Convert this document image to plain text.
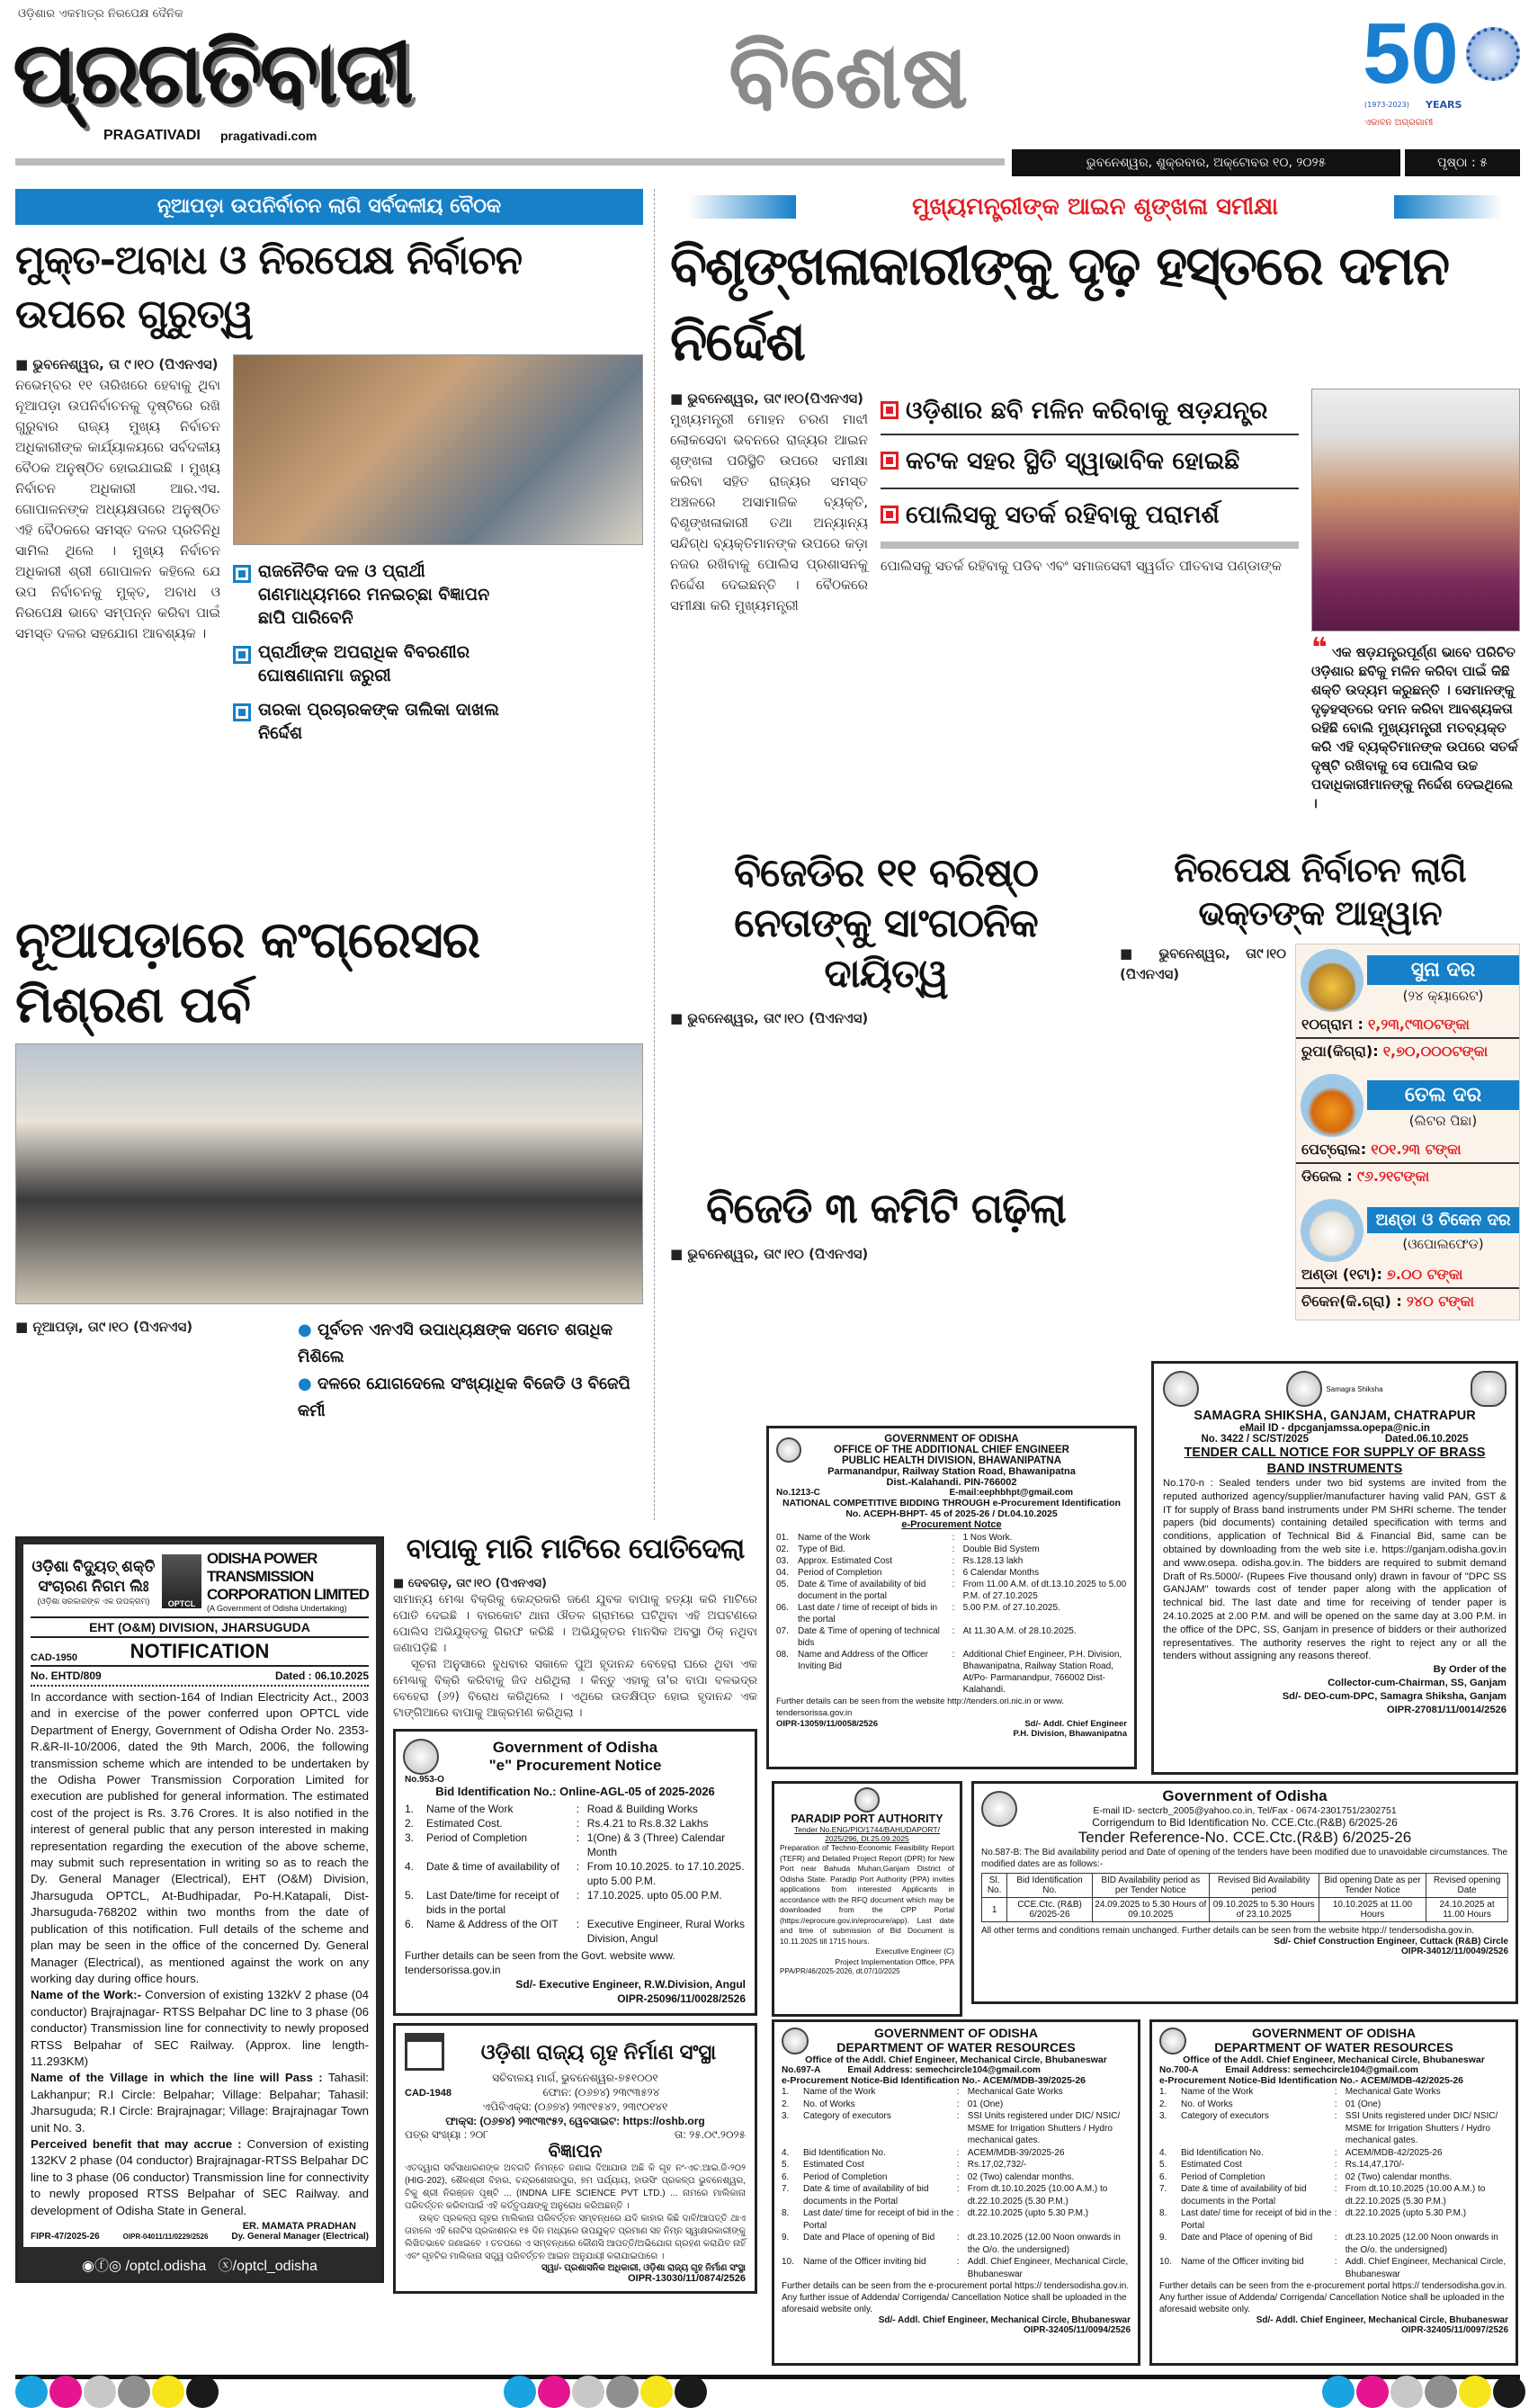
ଓଡ଼ିଶାର ଏକମାତ୍ର ନିରପେକ୍ଷ ଦୈନିକ
ପ୍ରଗତିବାଦୀ
PRAGATIVADI pragativadi.com
ବିଶେଷ	50
(1973-2023) YEARS
ଏକାବନ ଅଗ୍ରଗାମୀ
ଭୁବନେଶ୍ୱର, ଶୁକ୍ରବାର, ଅକ୍ଟୋବର ୧୦, ୨୦୨୫	ପୃଷ୍ଠା : ୫
ନୂଆପଡ଼ା ଉପନିର୍ବାଚନ ଲାଗି ସର୍ବଦଳୀୟ ବୈଠକ
ମୁକ୍ତ-ଅବାଧ ଓ ନିରପେକ୍ଷ ନିର୍ବାଚନ ଉପରେ ଗୁରୁତ୍ୱ
■ ଭୁବନେଶ୍ୱର, ତା ୯।୧୦ (ପିଏନଏସ)

ନଭେମ୍ବର ୧୧ ତାରିଖରେ ହେବାକୁ ଥିବା ନୂଆପଡ଼ା ଉପନିର୍ବାଚନକୁ ଦୃଷ୍ଟିରେ ରଖି ଗୁରୁବାର ରାଜ୍ୟ ମୁଖ୍ୟ ନିର୍ବାଚନ ଅଧିକାରୀଙ୍କ କାର୍ଯ୍ୟାଳୟରେ ସର୍ବଦଳୀୟ ବୈଠକ ଅନୁଷ୍ଠିତ ହୋଇଯାଇଛି । ମୁଖ୍ୟ ନିର୍ବାଚନ ଅଧିକାରୀ ଆର.ଏସ. ଗୋପାଳନଙ୍କ ଅଧ୍ୟକ୍ଷତାରେ ଅନୁଷ୍ଠିତ ଏହି ବୈଠକରେ ସମସ୍ତ ଦଳର ପ୍ରତିନିଧି ସାମିଲ ଥିଲେ । ମୁଖ୍ୟ ନିର୍ବାଚନ ଅଧିକାରୀ ଶ୍ରୀ ଗୋପାଳନ କହିଲେ ଯେ ଉପ ନିର୍ବାଚନକୁ ମୁକ୍ତ, ଅବାଧ ଓ ନିରପେକ୍ଷ ଭାବେ ସମ୍ପନ୍ନ କରିବା ପାଇଁ ସମସ୍ତ ଦଳର ସହଯୋଗ ଆବଶ୍ୟକ ।

ରାଜନୈତିକ ଦଳ ଓ ପ୍ରାର୍ଥୀ ଗଣମାଧ୍ୟମରେ ମନଇଚ୍ଛା ବିଜ୍ଞାପନ ଛାପି ପାରିବେନି
ପ୍ରାର୍ଥୀଙ୍କ ଅପରାଧିକ ବିବରଣୀର ଘୋଷଣାନାମା ଜରୁରୀ
ତାରକା ପ୍ରଚାରକଙ୍କ ତାଲିକା ଦାଖଲ ନିର୍ଦ୍ଦେଶ
ନୂଆପଡ଼ାରେ କଂଗ୍ରେସର ମିଶ୍ରଣ ପର୍ବ
■ ନୂଆପଡ଼ା, ତା୯।୧୦ (ପିଏନଏସ)	● ପୂର୍ବତନ ଏନଏସି ଉପାଧ୍ୟକ୍ଷଙ୍କ ସମେତ ଶତାଧିକ ମିଶିଲେ
● ଦଳରେ ଯୋଗଦେଲେ ସଂଖ୍ୟାଧିକ ବିଜେଡି ଓ ବିଜେପି କର୍ମୀ
ମୁଖ୍ୟମନ୍ତ୍ରୀଙ୍କ ଆଇନ ଶୃଙ୍ଖଳା ସମୀକ୍ଷା
ବିଶୃଙ୍ଖଳାକାରୀଙ୍କୁ ଦୃଢ଼ ହସ୍ତରେ ଦମନ ନିର୍ଦ୍ଦେଶ
■ ଭୁବନେଶ୍ୱର, ତା୯।୧୦(ପିଏନଏସ)

ମୁଖ୍ୟମନ୍ତ୍ରୀ ମୋହନ ଚରଣ ମାଝୀ ଲୋକସେବା ଭବନରେ ରାଜ୍ୟର ଆଇନ ଶୃଙ୍ଖଳା ପରିସ୍ଥିତି ଉପରେ ସମୀକ୍ଷା କରିବା ସହିତ ରାଜ୍ୟର ସମସ୍ତ ଅଞ୍ଚଳରେ ଅସାମାଜିକ ବ୍ୟକ୍ତି, ବିଶୃଙ୍ଖଳାକାରୀ ତଥା ଅନ୍ୟାନ୍ୟ ସନ୍ଦିଗ୍ଧ ବ୍ୟକ୍ତିମାନଙ୍କ ଉପରେ କଡ଼ା ନଜର ରଖିବାକୁ ପୋଲିସ ପ୍ରଶାସନକୁ ନିର୍ଦ୍ଦେଶ ଦେଇଛନ୍ତି । ବୈଠକରେ ସମୀକ୍ଷା କରି ମୁଖ୍ୟମନ୍ତ୍ରୀ

ଓଡ଼ିଶାର ଛବି ମଳିନ କରିବାକୁ ଷଡ଼ଯନ୍ତ୍ର
କଟକ ସହର ସ୍ଥିତି ସ୍ୱାଭାବିକ ହୋଇଛି
ପୋଲିସକୁ ସତର୍କ ରହିବାକୁ ପରାମର୍ଶ

ପୋଲିସକୁ ସତର୍କ ରହିବାକୁ ପଡିବ ଏବଂ ସମାଜସେବୀ ସ୍ୱର୍ଗତ ପୀତବାସ ପଣ୍ଡାଙ୍କ

❝ ଏକ ଷଡ଼ଯନ୍ତ୍ରପୂର୍ଣ୍ଣ ଭାବେ ପରିଚିତ ଓଡ଼ିଶାର ଛବିକୁ ମଳିନ କରିବା ପାଇଁ କିଛି ଶକ୍ତି ଉଦ୍ୟମ କରୁଛନ୍ତି । ସେମାନଙ୍କୁ ଦୃଢ଼ହସ୍ତରେ ଦମନ କରିବା ଆବଶ୍ୟକତା ରହିଛି ବୋଲି ମୁଖ୍ୟମନ୍ତ୍ରୀ ମତବ୍ୟକ୍ତ କରି ଏହି ବ୍ୟକ୍ତିମାନଙ୍କ ଉପରେ ସତର୍କ ଦୃଷ୍ଟି ରଖିବାକୁ ସେ ପୋଲିସ ଉଚ୍ଚ ପଦାଧିକାରୀମାନଙ୍କୁ ନିର୍ଦ୍ଦେଶ ଦେଇଥିଲେ ।
ବିଜେଡିର ୧୧ ବରିଷ୍ଠ ନେତାଙ୍କୁ ସାଂଗଠନିକ ଦାୟିତ୍ୱ
■ ଭୁବନେଶ୍ୱର, ତା୯।୧୦ (ପିଏନଏସ)
ବିଜେଡି ୩ କମିଟି ଗଢ଼ିଲା
■ ଭୁବନେଶ୍ୱର, ତା୯।୧୦ (ପିଏନଏସ)
ନିରପେକ୍ଷ ନିର୍ବାଚନ ଲାଗି ଭକ୍ତଙ୍କ ଆହ୍ୱାନ
■ ଭୁବନେଶ୍ୱର, ତା୯।୧୦ (ପିଏନଏସ)	ସୁନା ଦର
(୨୪ କ୍ୟାରେଟ)
୧୦ଗ୍ରାମ : ୧,୨୩,୯୩୦ଟଙ୍କା
ରୁପା(କିଗ୍ରା): ୧,୭୦,୦୦୦ଟଙ୍କା
ତେଲ ଦର
(ଲିଟର ପିଛା)
ପେଟ୍ରୋଲ: ୧୦୧.୨୩ ଟଙ୍କା
ଡିଜେଲ : ୯୬.୨୧ଟଙ୍କା
ଅଣ୍ଡା ଓ ଚିକେନ ଦର
(ଓପୋଲଫେଡ)
ଅଣ୍ଡା (୧ଟା): ୭.୦୦ ଟଙ୍କା
ଚିକେନ(କି.ଗ୍ରା) : ୨୪୦ ଟଙ୍କା
ବାପାକୁ ମାରି ମାଟିରେ ପୋତିଦେଲା
■ ଦେବଗଡ଼, ତା୯।୧୦ (ପିଏନଏସ)

ସାମାନ୍ୟ ମେଣ୍ଢା ବିକ୍ରିକୁ କେନ୍ଦ୍ରକରି ଜଣେ ଯୁବକ ବାପାକୁ ହତ୍ୟା କରି ମାଟିରେ ପୋତି ଦେଇଛି । ବାରକୋଟ ଥାନା ଔତଳ ଗ୍ରାମରେ ଘଟିଥିବା ଏହି ଅଘଟଣରେ ପୋଲିସ ଅଭିଯୁକ୍ତକୁ ଗିରଫ କରିଛି । ଅଭିଯୁକ୍ତର ମାନସିକ ଅବସ୍ଥା ଠିକ୍ ନଥିବା ଜଣାପଡ଼ିଛି ।

ସୂଚନା ଅନୁସାରେ ବୁଧବାର ସକାଳେ ପୁଅ ହୃଦାନନ୍ଦ ବେହେରା ଘରେ ଥିବା ଏକ ମେଣ୍ଢାକୁ ବିକ୍ରି କରିବାକୁ ଜିଦ ଧରିଥିଲା । କିନ୍ତୁ ଏହାକୁ ତା'ର ବାପା ବଳଭଦ୍ର ବେହେରା (୬୨) ବିରୋଧ କରିଥିଲେ । ଏଥିରେ ଉତକ୍ଷିପ୍ତ ହୋଇ ହୃଦାନନ୍ଦ ଏକ ଟାଙ୍ଗିଆରେ ବାପାକୁ ଆକ୍ରମଣ କରିଥିଲା ।

Government of Odisha
"e" Procurement Notice
No.953-O
Bid Identification No.: Online-AGL-05 of 2025-2026
1.	Name of the Work	: Road & Building Works
2.	Estimated Cost.	: Rs.4.21 to Rs.8.32 Lakhs
3.	Period of Completion	: 1(One) & 3 (Three) Calendar Month
4.	Date & time of availability of	: From 10.10.2025. to 17.10.2025. upto 5.00 P.M.
5.	Last Date/time for receipt of bids in the portal
: 17.10.2025. upto 05.00 P.M.
6.	Name & Address of the OIT	: Executive Engineer, Rural Works Division, Angul
Further details can be seen from the Govt. website www. tendersorissa.gov.in
Sd/- Executive Engineer, R.W.Division, Angul
OIPR-25096/11/0028/2526
ଓଡ଼ିଶା ରାଜ୍ୟ ଗୃହ ନିର୍ମାଣ ସଂସ୍ଥା
ସଚିବାଳୟ ମାର୍ଗ, ଭୁବନେଶ୍ୱର-୭୫୧୦୦୧
CAD-1948	ଫୋନ: (୦୬୭୪) ୨୩୯୩୫୨୪
ଏପିବିଏକ୍ସ: (୦୬୭୪) ୨୩୯୧୫୪୨, ୨୩୯୦୧୪୧
ଫାକ୍ସ: (୦୬୭୪) ୨୩୯୩୯୫୨, ୱେବସାଇଟ: https://oshb.org
ପତ୍ର ସଂଖ୍ୟା : ୨୦୮	ତା: ୨୫.୦୯.୨୦୨୫
ବିଜ୍ଞାପନ

ଏତଦ୍ୱାରା ସର୍ବସାଧାରଣଙ୍କ ଅବଗତି ନିମନ୍ତେ ଜଣାଇ ଦିଆଯାଉ ଅଛି କି ଗୃହ ନଂ-ଏଚ.ଆଇ.ଜି-୨୦୨ (HIG-202), ଶୈଳଶ୍ରୀ ବିହାର, ଚନ୍ଦ୍ରଶେଖରପୁର, ୭ମ ପର୍ଯ୍ୟାୟ, ହାଉସିଂ ପ୍ରକଳ୍ପ ଭୁବନେଶ୍ୱର, ଟିକୁ ଶ୍ରୀ ନିରଞ୍ଜନ ପୃଷ୍ଟି ... (INDNA LIFE SCIENCE PVT LTD.) ... ନାମରେ ମାଲିକାନା ପରିବର୍ତ୍ତନ କରିବାପାଇଁ ଏହି କର୍ତ୍ତୃପକ୍ଷଙ୍କୁ ଅନୁରୋଧ କରିଅଛନ୍ତି ।

ଉକ୍ତ ପ୍ରକଳ୍ପ ଗୃହର ମାଲିକାନା ପରିବର୍ତ୍ତନ ସମ୍ବନ୍ଧରେ ଯଦି କାହାର କିଛି ଦାବି/ଆପତ୍ତି ଥାଏ ତାହାଲେ ଏହି ନୋଟିସ ପ୍ରକାଶନର ୧୫ ଦିନ ମଧ୍ୟରେ ଉପଯୁକ୍ତ ପ୍ରମାଣ ସହ ନିମ୍ନ ସ୍ୱାକ୍ଷରକାରୀଙ୍କୁ ଲିଖିତଭାବେ ଜଣାଇବେ । ତତପରେ ଏ ସମ୍ବନ୍ଧରେ କୌଣସି ଆପତ୍ତି/ଅଭିଯୋଗ ଗ୍ରହଣ କରାଯିବ ନାହିଁ ଏବଂ ଗୃହଟିର ମାଲିକାନା ସତ୍ତ୍ୱ ପରିବର୍ତ୍ତନ ଆଇନ ଅନୁଯାୟୀ କରାଯାଇପାରେ ।

ସ୍ୱା/- ପ୍ରଶାସନିକ ଅଧିକାରୀ, ଓଡ଼ିଶା ରାଜ୍ୟ ଗୃହ ନିର୍ମାଣ ସଂସ୍ଥା
OIPR-13030/11/0874/2526
ଓଡ଼ିଶା ବିଦ୍ୟୁତ୍ ଶକ୍ତି ସଂଚାରଣ ନିଗମ ଲିଃ
(ଓଡ଼ିଶା ସରକାରଙ୍କ ଏକ ଉପକ୍ରମ)	OPTCL
ODISHA POWER TRANSMISSION CORPORATION LIMITED
(A Government of Odisha Undertaking)
EHT (O&M) DIVISION, JHARSUGUDA
CAD-1950	NOTIFICATION
No. EHTD/809	Dated : 06.10.2025

In accordance with section-164 of Indian Electricity Act., 2003 and in exercise of the power conferred upon OPTCL vide Department of Energy, Government of Odisha Order No. 2353-R.&R-II-10/2006, dated the 9th March, 2006, the following transmission scheme which are intended to be undertaken by the Odisha Power Transmission Corporation Limited for execution are published for general information. The estimated cost of the project is Rs. 3.76 Crores. It is also notified in the interest of general public that any person interested in making representation regarding the execution of the above scheme, may submit such representation in writing so as to reach the Dy. General Manager (Electrical), EHT (O&M) Division, Jharsuguda OPTCL, At-Budhipadar, Po-H.Katapali, Dist-Jharsuguda-768202 within two months from the date of publication of this notification. Full details of the scheme and plan may be seen in the office of the concerned Dy. General Manager (Electrical), as mentioned against the work on any working day during office hours.

Name of the Work:- Conversion of existing 132kV 2 phase (04 conductor) Brajrajnagar- RTSS Belpahar DC line to 3 phase (06 conductor) Transmission line for connectivity to newly proposed RTSS Belpahar of SEC Railway. (Approx. line length- 11.293KM)

Name of the Village in which the line will Pass : Tahasil: Lakhanpur; R.I Circle: Belpahar; Village: Belpahar; Tahasil: Jharsuguda; R.I Circle: Brajrajnagar; Village: Brajrajnagar Town unit No. 3.

Perceived benefit that may accrue : Conversion of existing 132KV 2 phase (04 conductor) Brajrajnagar-RTSS Belpahar DC line to 3 phase (06 conductor) Transmission line for connectivity to newly proposed RTSS Belpahar of SEC Railway. and development of Odisha State in General.

ER. MAMATA PRADHAN
FIPR-47/2025-26	OIPR-04011/11/0229/2526	Dy. General Manager (Electrical)
◉ⓕ◎ /optcl.odisha ⓧ/optcl_odisha
GOVERNMENT OF ODISHA
OFFICE OF THE ADDITIONAL CHIEF ENGINEER
PUBLIC HEALTH DIVISION, BHAWANIPATNA
Parmanandpur, Railway Station Road, Bhawanipatna
Dist.-Kalahandi. PIN-766002
No.1213-C	E-mail:eephbhpt@gmail.com
NATIONAL COMPETITIVE BIDDING THROUGH e-Procurement Identification No. ACEPH-BHPT- 45 of 2025-26 / Dt.04.10.2025
e-Procurement Notce
01.	Name of the Work	: 1 Nos Work.
02.	Type of Bid.	: Double Bid System
03.	Approx. Estimated Cost	: Rs.128.13 lakh
04.	Period of Completion	: 6 Calendar Months
05.	Date & Time of availability of bid document in the portal
: From 11.00 A.M. of dt.13.10.2025 to 5.00 P.M. of 27.10.2025
06.	Last date / time of receipt of bids in the portal
: 5.00 P.M. of 27.10.2025.
07.	Date & Time of opening of technical bids
: At 11.30 A.M. of 28.10.2025.
08.	Name and Address of the Officer Inviting Bid
: Additional Chief Engineer, P.H. Division, Bhawanipatna, Railway Station Road, At/Po- Parmanandpur, 766002 Dist- Kalahandi.
Further details can be seen from the website http://tenders.ori.nic.in or www. tendersorissa.gov.in
OIPR-13059/11/0058/2526	Sd/- Addl. Chief Engineer
P.H. Division, Bhawanipatna
Samagra Shiksha
SAMAGRA SHIKSHA, GANJAM, CHATRAPUR
eMail ID - dpcganjamssa.opepa@nic.in
No. 3422 / SC/ST/2025	Dated.06.10.2025
TENDER CALL NOTICE FOR SUPPLY OF BRASS BAND INSTRUMENTS

No.170-n : Sealed tenders under two bid systems are invited from the reputed authorized agency/supplier/manufacturer having valid PAN, GST & IT for supply of Brass band instruments under PM SHRI scheme. The tender papers (bid documents) containing detailed specification with terms and conditions, application of Technical Bid & Financial Bid, same can be obtained by downloading from the web site i.e. https://ganjam.odisha.gov.in and www.osepa. odisha.gov.in. The bidders are required to submit demand Draft of Rs.5000/- (Rupees Five thousand only) drawn in favour of "DPC SS GANJAM" towards cost of tender paper along with the application of technical bid. The last date and time for receiving of tender paper is 24.10.2025 at 2.00 P.M. and will be opened on the same day at 3.00 P.M. in the office of the DPC, SS, Ganjam in presence of bidders or their authorized representatives. The authority reserves the right to reject any or all the tenders without assigning any reasons thereof.

By Order of the
Collector-cum-Chairman, SS, Ganjam
Sd/- DEO-cum-DPC, Samagra Shiksha, Ganjam
OIPR-27081/11/0014/2526
PARADIP PORT AUTHORITY
Tender No.ENG/PIO/1744/BAHUDAPORT/ 2025/296, Dt.25.09.2025

Preparation of Techno-Economic Feasibility Report (TEFR) and Detailed Project Report (DPR) for New Port near Bahuda Muhan,Ganjam District of Odisha State. Paradip Port Authority (PPA) invites applications from interested Applicants in accordance with the RFQ document which may be downloaded from the CPP Portal (https://eprocure.gov.in/eprocure/app). Last date and time of submission of Bid Document is 10.11.2025 till 1715 hours.

Executive Engineer (C)
Project Implementation Office, PPA
PPA/PR/46/2025-2026, dt.07/10/2025
Government of Odisha
E-mail ID- sectcrb_2005@yahoo.co.in, Tel/Fax - 0674-2301751/2302751
Corrigendum to Bid Identification No. CCE.Ctc.(R&B) 6/2025-26
Tender Reference-No. CCE.Ctc.(R&B) 6/2025-26
No.587-B: The Bid availability period and Date of opening of the tenders have been modified due to unavoidable circumstances. The modified dates are as follows:-
Sl. No.	Bid Identification No.	BID Availability period as per Tender Notice	Revised Bid Availability period	Bid opening Date as per Tender Notice	Revised opening Date
1	CCE.Ctc. (R&B) 6/2025-26	24.09.2025 to 5.30 Hours of 09.10.2025	09.10.2025 to 5.30 Hours of 23.10.2025	10.10.2025 at 11.00 Hours	24.10.2025 at 11.00 Hours
All other terms and conditions remain unchanged. Further details can be seen from the website htpp:// tendersodisha.gov.in.
Sd/- Chief Construction Engineer, Cuttack (R&B) Circle
OIPR-34012/11/0049/2526
GOVERNMENT OF ODISHA
DEPARTMENT OF WATER RESOURCES
Office of the Addl. Chief Engineer, Mechanical Circle, Bhubaneswar
No.697-A	Email Address: semechcircle104@gmail.com
e-Procurement Notice-Bid Identification No.- ACEM/MDB-39/2025-26
1.	Name of the Work	: Mechanical Gate Works
2.	No. of Works	: 01 (One)
3.	Category of executors	: SSI Units registered under DIC/ NSIC/ MSME for Irrigation Shutters / Hydro mechanical gates.
4.	Bid Identification No.	: ACEM/MDB-39/2025-26
5.	Estimated Cost	: Rs.17,02,732/-
6.	Period of Completion	: 02 (Two) calendar months.
7.	Date & time of availability of bid documents in the Portal
: From dt.10.10.2025 (10.00 A.M.) to dt.22.10.2025 (5.30 P.M.)
8.	Last date/ time for receipt of bid in the Portal
: dt.22.10.2025 (upto 5.30 P.M.)
9.	Date and Place of opening of Bid	: dt.23.10.2025 (12.00 Noon onwards in the O/o. the undersigned)
10.	Name of the Officer inviting bid	: Addl. Chief Engineer, Mechanical Circle, Bhubaneswar
Further details can be seen from the e-procurement portal https:// tendersodisha.gov.in. Any further issue of Addenda/ Corrigenda/ Cancellation Notice shall be uploaded in the aforesaid website only.
Sd/- Addl. Chief Engineer, Mechanical Circle, Bhubaneswar
OIPR-32405/11/0094/2526
GOVERNMENT OF ODISHA
DEPARTMENT OF WATER RESOURCES
Office of the Addl. Chief Engineer, Mechanical Circle, Bhubaneswar
No.700-A	Email Address: semechcircle104@gmail.com
e-Procurement Notice-Bid Identification No.- ACEM/MDB-42/2025-26
1.	Name of the Work	: Mechanical Gate Works
2.	No. of Works	: 01 (One)
3.	Category of executors	: SSI Units registered under DIC/ NSIC/ MSME for Irrigation Shutters / Hydro mechanical gates.
4.	Bid Identification No.	: ACEM/MDB-42/2025-26
5.	Estimated Cost	: Rs.14,47,170/-
6.	Period of Completion	: 02 (Two) calendar months.
7.	Date & time of availability of bid documents in the Portal
: From dt.10.10.2025 (10.00 A.M.) to dt.22.10.2025 (5.30 P.M.)
8.	Last date/ time for receipt of bid in the Portal
: dt.22.10.2025 (upto 5.30 P.M.)
9.	Date and Place of opening of Bid	: dt.23.10.2025 (12.00 Noon onwards in the O/o. the undersigned)
10.	Name of the Officer inviting bid	: Addl. Chief Engineer, Mechanical Circle, Bhubaneswar
Further details can be seen from the e-procurement portal https:// tendersodisha.gov.in. Any further issue of Addenda/ Corrigenda/ Cancellation Notice shall be uploaded in the aforesaid website only.
Sd/- Addl. Chief Engineer, Mechanical Circle, Bhubaneswar
OIPR-32405/11/0097/2526
